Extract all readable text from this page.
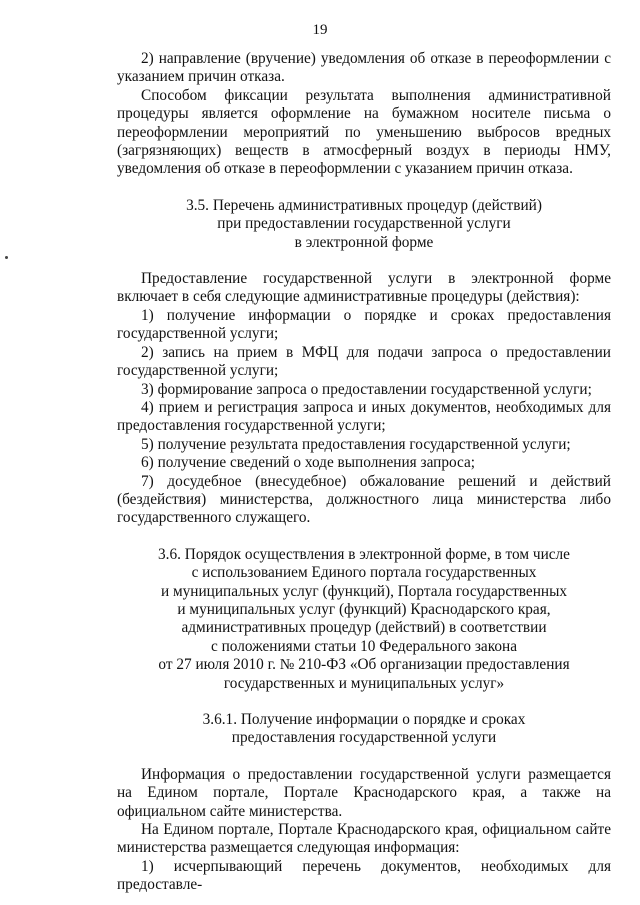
19

2) направление (вручение) уведомления об отказе в переоформлении с указанием причин отказа.

Способом фиксации результата выполнения административной процедуры является оформление на бумажном носителе письма о переоформлении мероприятий по уменьшению выбросов вредных (загрязняющих) веществ в атмосферный воздух в периоды НМУ, уведомления об отказе в переоформлении с указанием причин отказа.

3.5. Перечень административных процедур (действий)
при предоставлении государственной услуги
в электронной форме

Предоставление государственной услуги в электронной форме включает в себя следующие административные процедуры (действия):

1) получение информации о порядке и сроках предоставления государственной услуги;

2) запись на прием в МФЦ для подачи запроса о предоставлении государственной услуги;

3) формирование запроса о предоставлении государственной услуги;

4) прием и регистрация запроса и иных документов, необходимых для предоставления государственной услуги;

5) получение результата предоставления государственной услуги;

6) получение сведений о ходе выполнения запроса;

7) досудебное (внесудебное) обжалование решений и действий (бездействия) министерства, должностного лица министерства либо государственного служащего.

3.6. Порядок осуществления в электронной форме, в том числе
с использованием Единого портала государственных
и муниципальных услуг (функций), Портала государственных
и муниципальных услуг (функций) Краснодарского края,
административных процедур (действий) в соответствии
с положениями статьи 10 Федерального закона
от 27 июля 2010 г. № 210-ФЗ «Об организации предоставления
государственных и муниципальных услуг»
3.6.1. Получение информации о порядке и сроках
предоставления государственной услуги

Информация о предоставлении государственной услуги размещается на Едином портале, Портале Краснодарского края, а также на официальном сайте министерства.

На Едином портале, Портале Краснодарского края, официальном сайте министерства размещается следующая информация:

1) исчерпывающий перечень документов, необходимых для предоставле-
